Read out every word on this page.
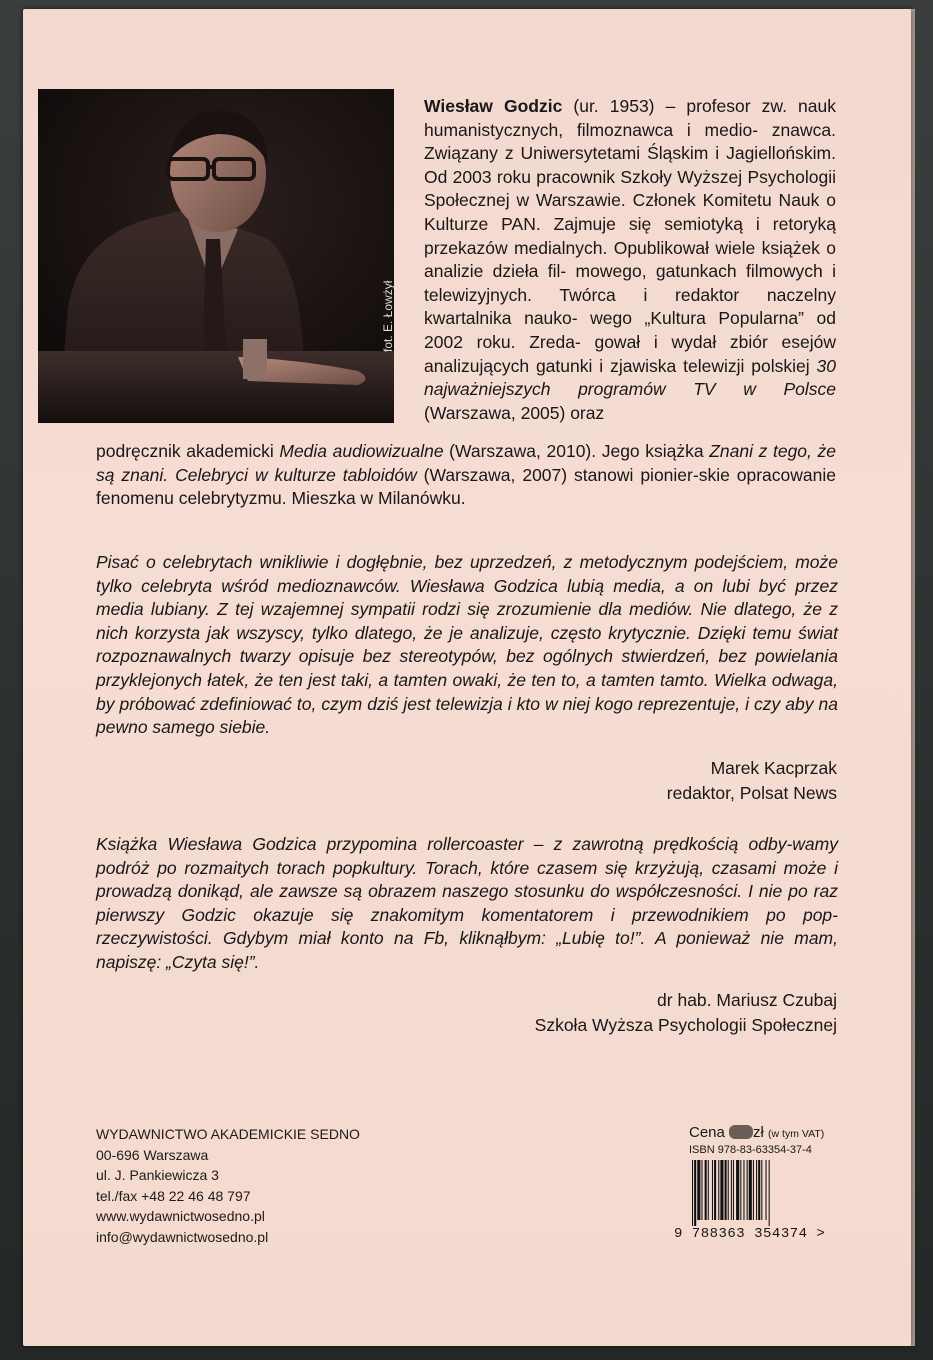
fot. E. Łowżył

Wiesław Godzic (ur. 1953) – profesor zw. nauk humanistycznych, filmoznawca i medio- znawca. Związany z Uniwersytetami Śląskim i Jagiellońskim. Od 2003 roku pracownik Szkoły Wyższej Psychologii Społecznej w Warszawie. Członek Komitetu Nauk o Kulturze PAN. Zajmuje się semiotyką i retoryką przekazów medialnych. Opublikował wiele książek o analizie dzieła fil- mowego, gatunkach filmowych i telewizyjnych. Twórca i redaktor naczelny kwartalnika nauko- wego „Kultura Popularna” od 2002 roku. Zreda- gował i wydał zbiór esejów analizujących gatunki i zjawiska telewizji polskiej 30 najważniejszych programów TV w Polsce (Warszawa, 2005) oraz

podręcznik akademicki Media audiowizualne (Warszawa, 2010). Jego książka Znani z tego, że są znani. Celebryci w kulturze tabloidów (Warszawa, 2007) stanowi pionier-skie opracowanie fenomenu celebrytyzmu. Mieszka w Milanówku.

Pisać o celebrytach wnikliwie i dogłębnie, bez uprzedzeń, z metodycznym podejściem, może tylko celebryta wśród medioznawców. Wiesława Godzica lubią media, a on lubi być przez media lubiany. Z tej wzajemnej sympatii rodzi się zrozumienie dla mediów. Nie dlatego, że z nich korzysta jak wszyscy, tylko dlatego, że je analizuje, często krytycznie. Dzięki temu świat rozpoznawalnych twarzy opisuje bez stereotypów, bez ogólnych stwierdzeń, bez powielania przyklejonych łatek, że ten jest taki, a tamten owaki, że ten to, a tamten tamto. Wielka odwaga, by próbować zdefiniować to, czym dziś jest telewizja i kto w niej kogo reprezentuje, i czy aby na pewno samego siebie.

Marek Kacprzak
redaktor, Polsat News

Książka Wiesława Godzica przypomina rollercoaster – z zawrotną prędkością odby-wamy podróż po rozmaitych torach popkultury. Torach, które czasem się krzyżują, czasami może i prowadzą donikąd, ale zawsze są obrazem naszego stosunku do współczesności. I nie po raz pierwszy Godzic okazuje się znakomitym komentatorem i przewodnikiem po pop-rzeczywistości. Gdybym miał konto na Fb, kliknąłbym: „Lubię to!”. A ponieważ nie mam, napiszę: „Czyta się!”.

dr hab. Mariusz Czubaj
Szkoła Wyższa Psychologii Społecznej
WYDAWNICTWO AKADEMICKIE SEDNO
00-696 Warszawa
ul. J. Pankiewicza 3
tel./fax +48 22 46 48 797
www.wydawnictwosedno.pl
info@wydawnictwosedno.pl
Cena zł (w tym VAT)
ISBN 978-83-63354-37-4
9 788363 354374 >
